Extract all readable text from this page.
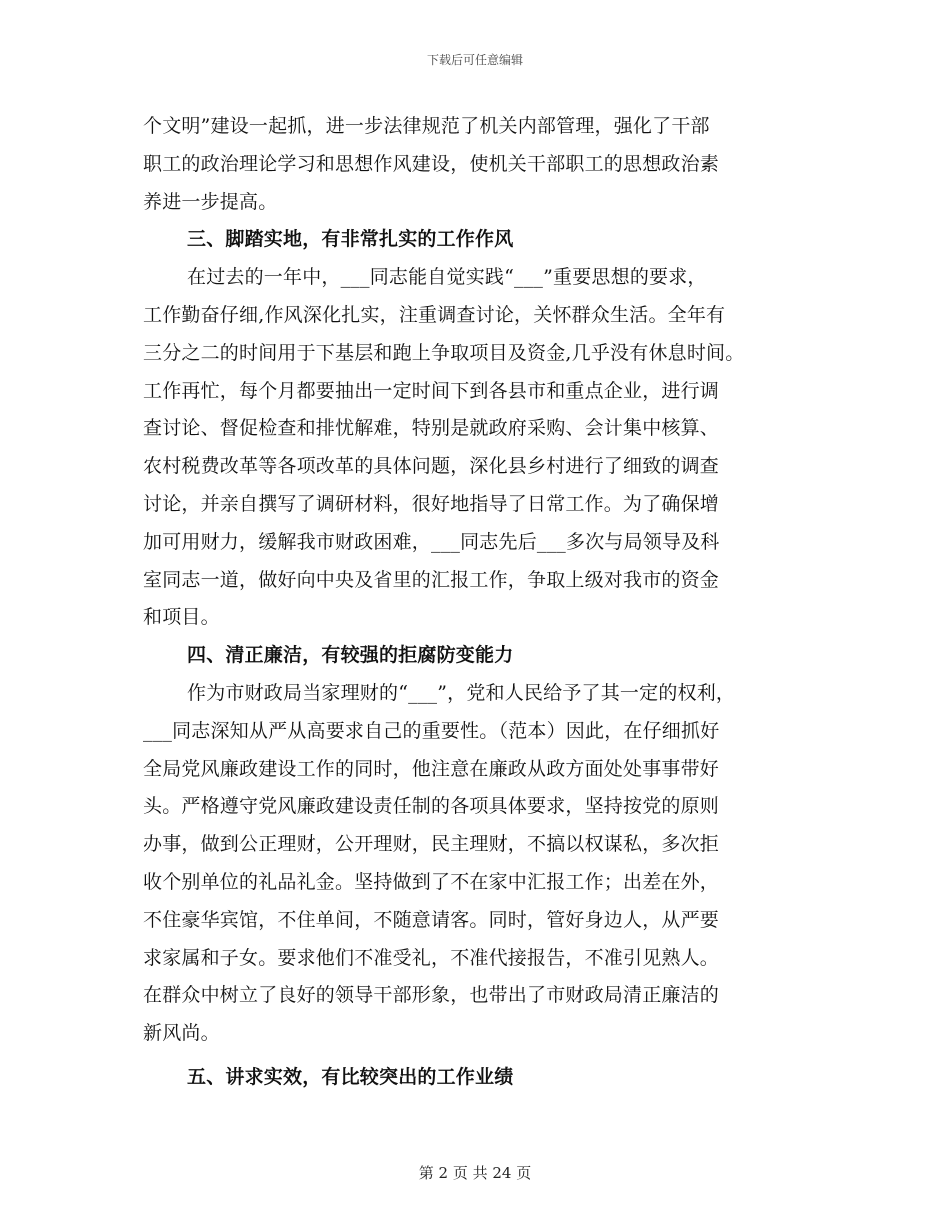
下载后可任意编辑
个文明”建设一起抓，进一步法律规范了机关内部管理，强化了干部
职工的政治理论学习和思想作风建设，使机关干部职工的思想政治素
养进一步提高。
三、脚踏实地，有非常扎实的工作作风
在过去的一年中，___同志能自觉实践“___”重要思想的要求，
工作勤奋仔细,作风深化扎实，注重调查讨论，关怀群众生活。全年有
三分之二的时间用于下基层和跑上争取项目及资金,几乎没有休息时间。
工作再忙，每个月都要抽出一定时间下到各县市和重点企业，进行调
查讨论、督促检查和排忧解难，特别是就政府采购、会计集中核算、
农村税费改革等各项改革的具体问题，深化县乡村进行了细致的调查
讨论，并亲自撰写了调研材料，很好地指导了日常工作。为了确保增
加可用财力，缓解我市财政困难，___同志先后___多次与局领导及科
室同志一道，做好向中央及省里的汇报工作，争取上级对我市的资金
和项目。
四、清正廉洁，有较强的拒腐防变能力
作为市财政局当家理财的“___”，党和人民给予了其一定的权利，
___同志深知从严从高要求自己的重要性。（范本）因此，在仔细抓好
全局党风廉政建设工作的同时，他注意在廉政从政方面处处事事带好
头。严格遵守党风廉政建设责任制的各项具体要求，坚持按党的原则
办事，做到公正理财，公开理财，民主理财，不搞以权谋私，多次拒
收个别单位的礼品礼金。坚持做到了不在家中汇报工作；出差在外，
不住豪华宾馆，不住单间，不随意请客。同时，管好身边人，从严要
求家属和子女。要求他们不准受礼，不准代接报告，不准引见熟人。
在群众中树立了良好的领导干部形象，也带出了市财政局清正廉洁的
新风尚。
五、讲求实效，有比较突出的工作业绩
第 2 页 共 24 页
